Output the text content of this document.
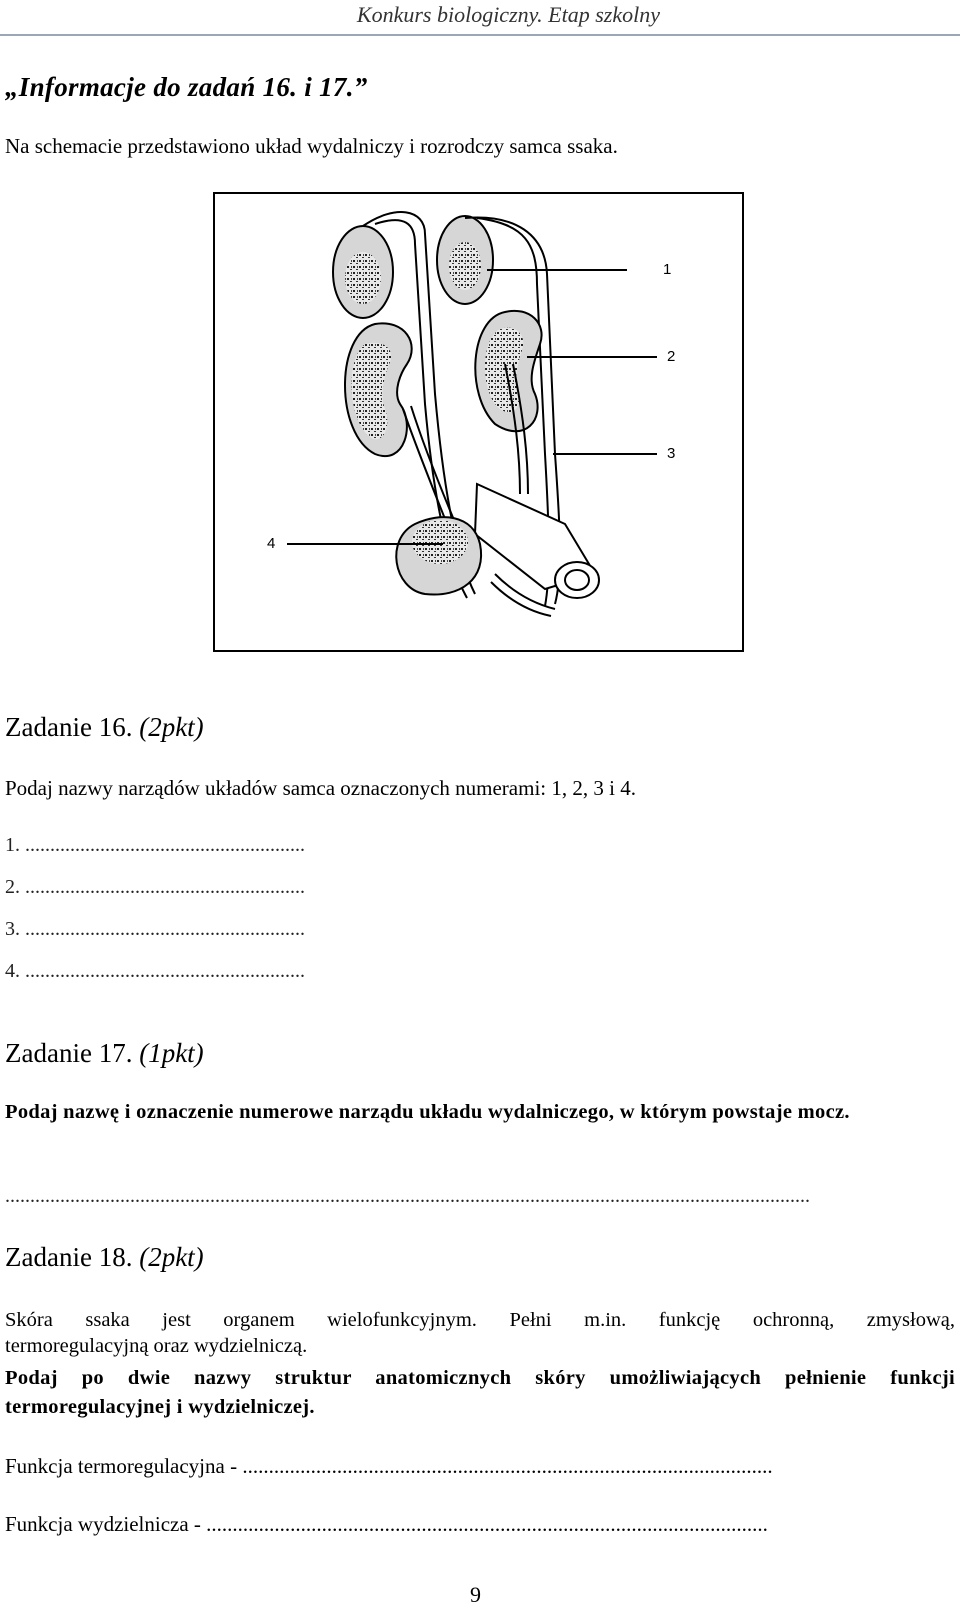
Konkurs biologiczny. Etap szkolny
„Informacje do zadań 16. i 17.”
Na schemacie przedstawiono układ wydalniczy i rozrodczy samca ssaka.
1
2
3
4
Zadanie 16. (2pkt)
Podaj nazwy narządów układów samca oznaczonych numerami: 1, 2, 3 i 4.
1. ........................................................
2. ........................................................
3. ........................................................
4. ........................................................
Zadanie 17. (1pkt)
Podaj nazwę i oznaczenie numerowe narządu układu wydalniczego, w którym powstaje mocz.
.................................................................................................................................................................
Zadanie 18. (2pkt)
Skóra ssaka jest organem wielofunkcyjnym. Pełni m.in. funkcję ochronną, zmysłową,
termoregulacyjną oraz wydzielniczą.
Podaj po dwie nazwy struktur anatomicznych skóry umożliwiających pełnienie funkcji termoregulacyjnej i wydzielniczej.
Funkcja termoregulacyjna - .....................................................................................................
Funkcja wydzielnicza - ...........................................................................................................
9
